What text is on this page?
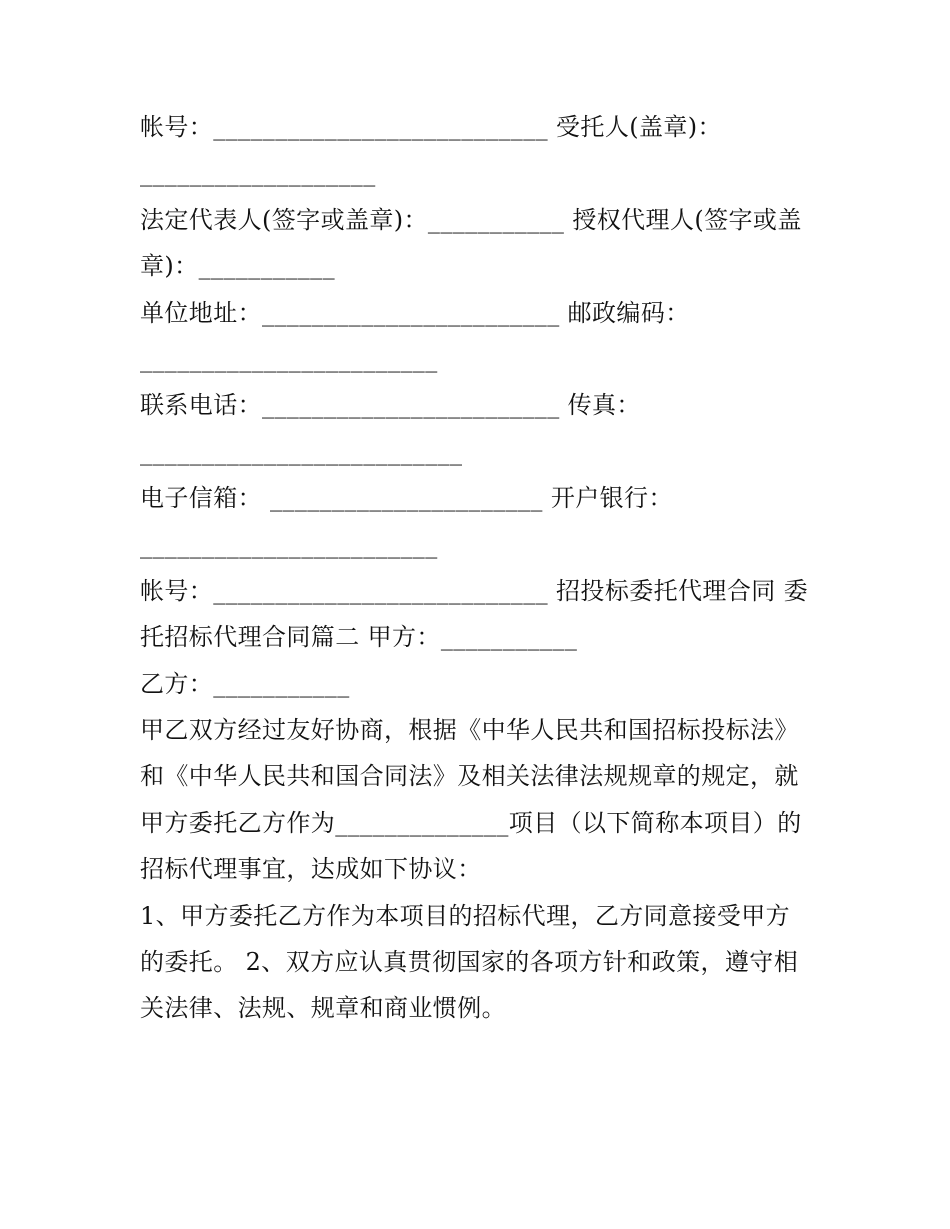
帐号：___________________________ 受托人(盖章)：
___________________
法定代表人(签字或盖章)：___________ 授权代理人(签字或盖
章)：___________
单位地址：________________________ 邮政编码：
________________________
联系电话：________________________ 传真：
__________________________
电子信箱： ______________________ 开户银行：
________________________
帐号：___________________________ 招投标委托代理合同 委
托招标代理合同篇二 甲方：___________
乙方：___________
甲乙双方经过友好协商，根据《中华人民共和国招标投标法》
和《中华人民共和国合同法》及相关法律法规规章的规定，就
甲方委托乙方作为______________项目（以下简称本项目）的
招标代理事宜，达成如下协议：
1、甲方委托乙方作为本项目的招标代理，乙方同意接受甲方
的委托。 2、双方应认真贯彻国家的各项方针和政策，遵守相
关法律、法规、规章和商业惯例。
